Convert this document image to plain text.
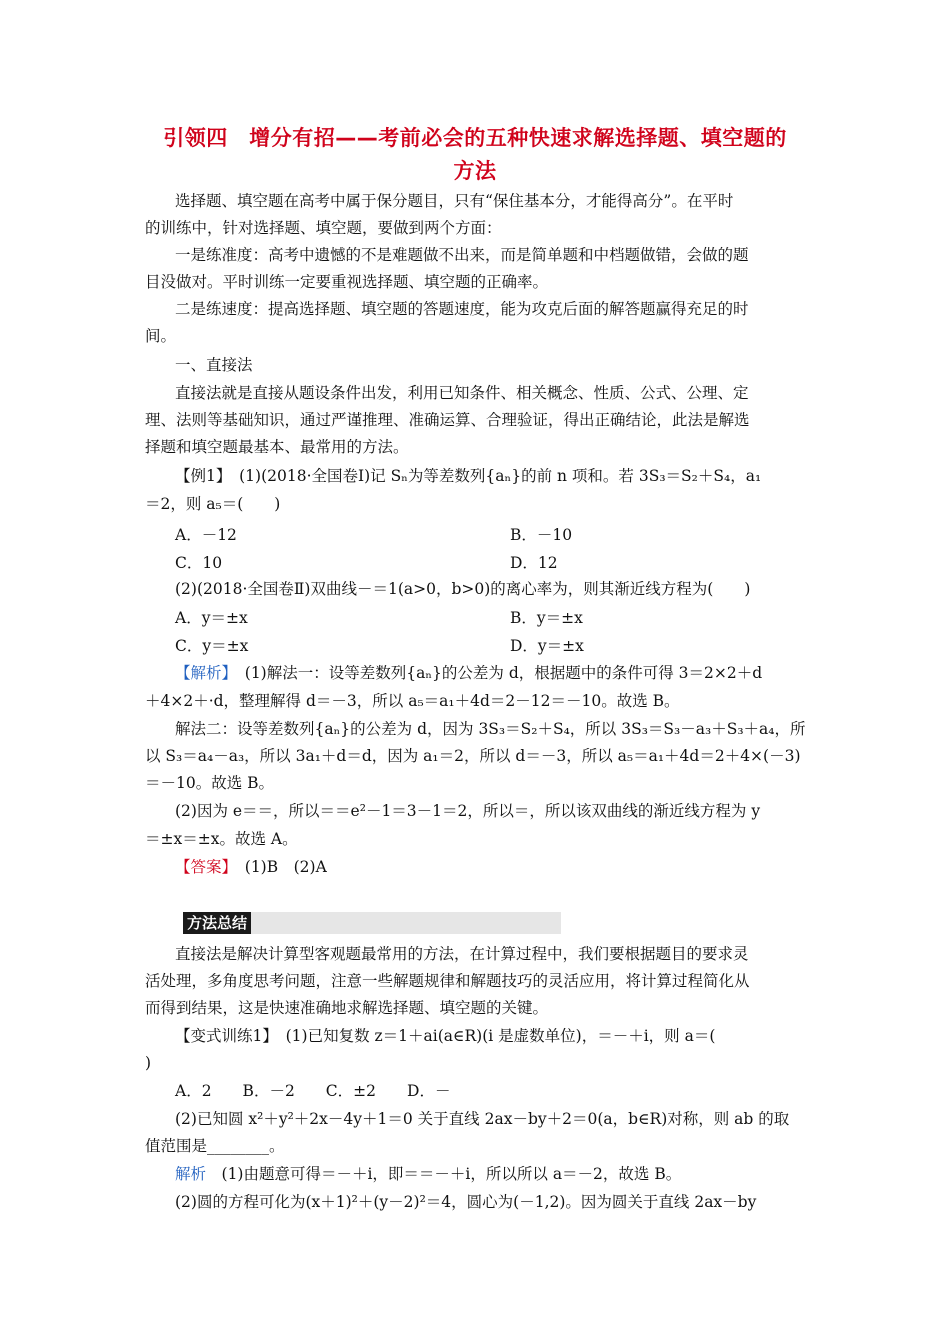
引领四　增分有招——考前必会的五种快速求解选择题、填空题的
方法
选择题、填空题在高考中属于保分题目，只有“保住基本分，才能得高分”。在平时
的训练中，针对选择题、填空题，要做到两个方面：
一是练准度：高考中遗憾的不是难题做不出来，而是简单题和中档题做错，会做的题
目没做对。平时训练一定要重视选择题、填空题的正确率。
二是练速度：提高选择题、填空题的答题速度，能为攻克后面的解答题赢得充足的时
间。
一、直接法
直接法就是直接从题设条件出发，利用已知条件、相关概念、性质、公式、公理、定
理、法则等基础知识，通过严谨推理、准确运算、合理验证，得出正确结论，此法是解选
择题和填空题最基本、最常用的方法。
【例1】　(1)(2018·全国卷Ⅰ)记 Sₙ为等差数列{aₙ}的前 n 项和。若 3S₃＝S₂＋S₄，a₁
＝2，则 a₅＝(　　)
A．－12	B．－10
C．10	D．12
(2)(2018·全国卷Ⅱ)双曲线－＝1(a>0，b>0)的离心率为，则其渐近线方程为(　　)
A．y＝±x	B．y＝±x
C．y＝±x	D．y＝±x
【解析】　(1)解法一：设等差数列{aₙ}的公差为 d，根据题中的条件可得 3＝2×2＋d
＋4×2＋·d，整理解得 d＝－3，所以 a₅＝a₁＋4d＝2－12＝－10。故选 B。
解法二：设等差数列{aₙ}的公差为 d，因为 3S₃＝S₂＋S₄，所以 3S₃＝S₃－a₃＋S₃＋a₄，所
以 S₃＝a₄－a₃，所以 3a₁＋d＝d，因为 a₁＝2，所以 d＝－3，所以 a₅＝a₁＋4d＝2＋4×(－3)
＝－10。故选 B。
(2)因为 e＝＝，所以＝＝e²－1＝3－1＝2，所以＝，所以该双曲线的渐近线方程为 y
＝±x＝±x。故选 A。
【答案】　(1)B　(2)A
方法总结
直接法是解决计算型客观题最常用的方法，在计算过程中，我们要根据题目的要求灵
活处理，多角度思考问题，注意一些解题规律和解题技巧的灵活应用，将计算过程简化从
而得到结果，这是快速准确地求解选择题、填空题的关键。
【变式训练1】　(1)已知复数 z＝1＋ai(a∈R)(i 是虚数单位)，＝－＋i，则 a＝(
)
A．2　　B．－2　　C．±2　　D．－
(2)已知圆 x²＋y²＋2x－4y＋1＝0 关于直线 2ax－by＋2＝0(a，b∈R)对称，则 ab 的取
值范围是________。
解析　(1)由题意可得＝－＋i，即＝＝－＋i，所以所以 a＝－2，故选 B。
(2)圆的方程可化为(x＋1)²＋(y－2)²＝4，圆心为(－1,2)。因为圆关于直线 2ax－by
